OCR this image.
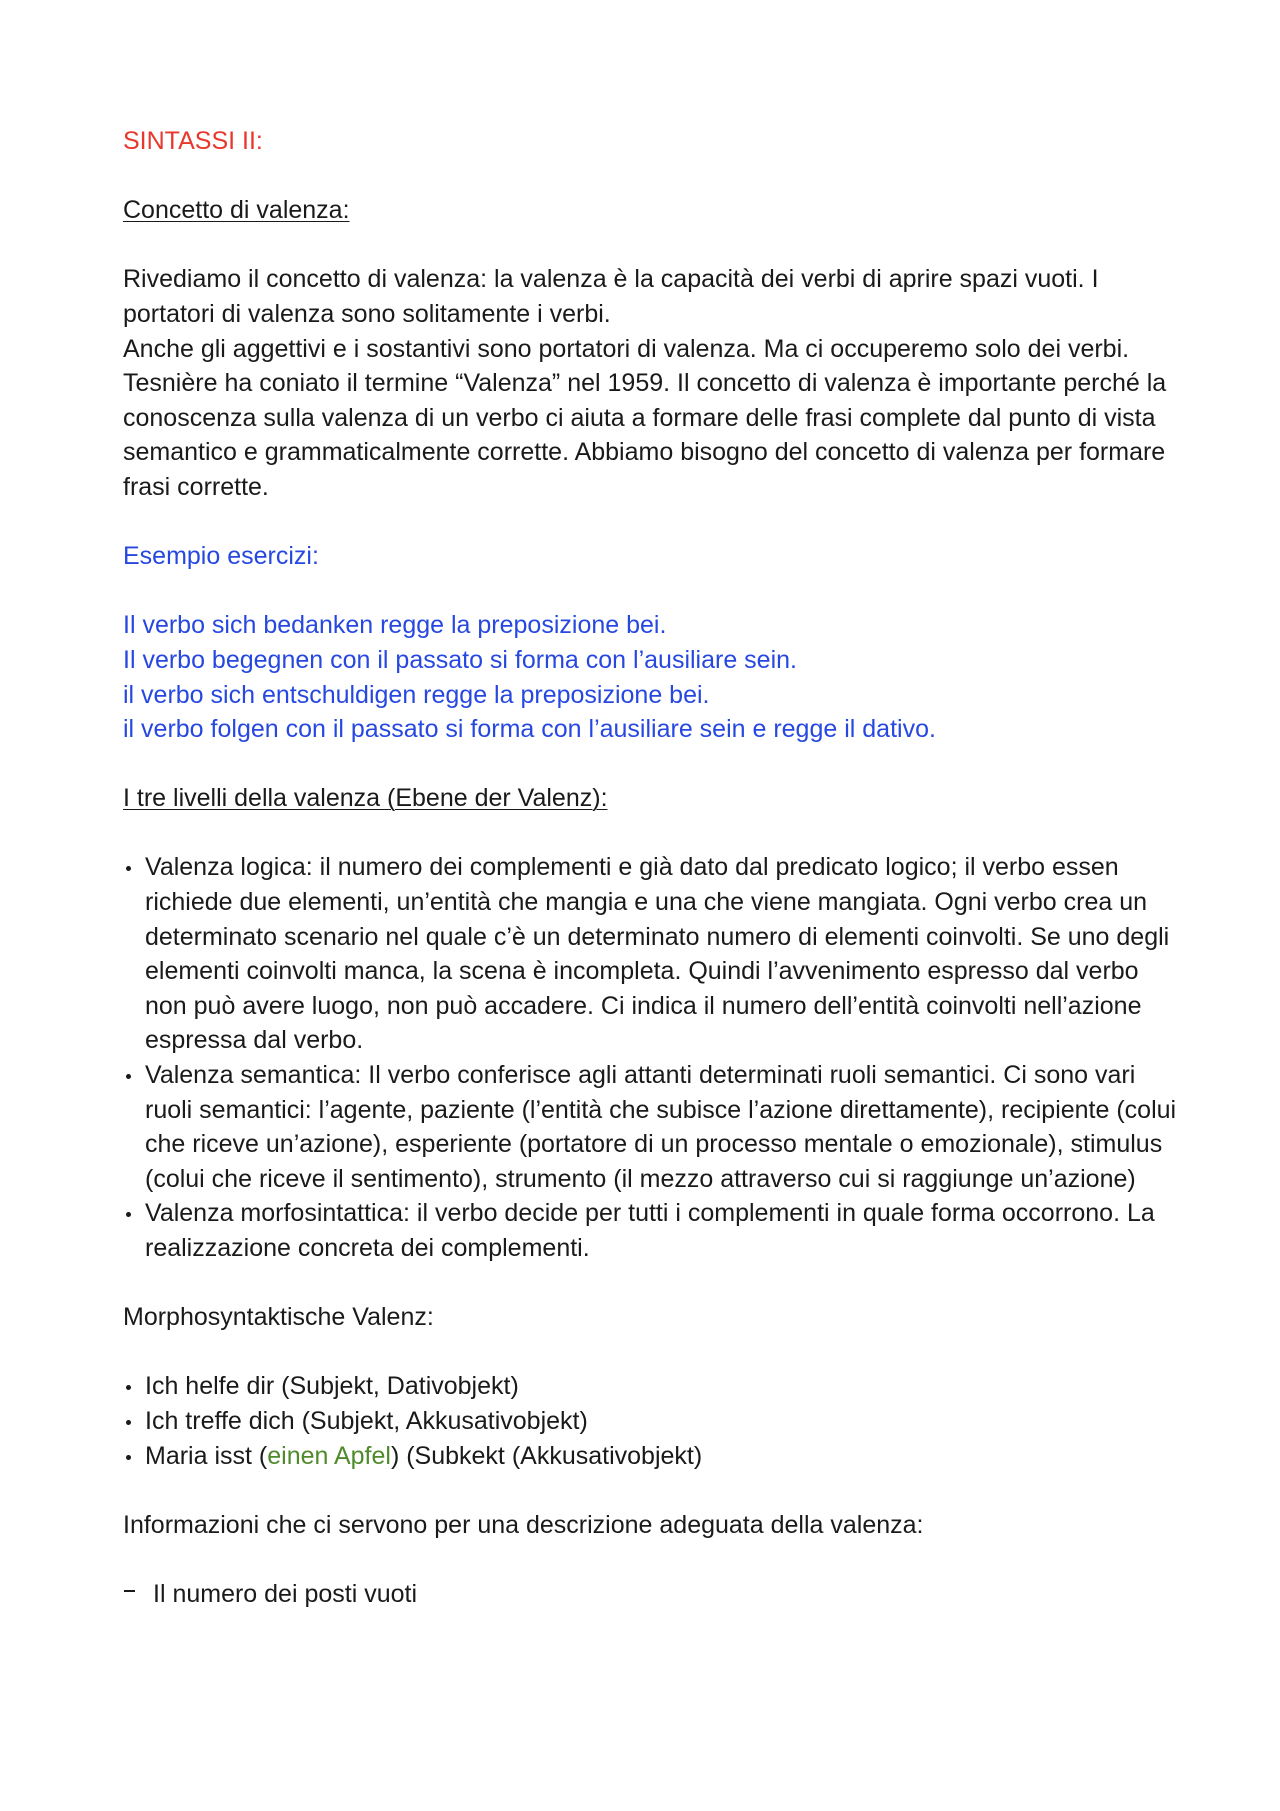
SINTASSI II:

Concetto di valenza:

Rivediamo il concetto di valenza: la valenza è la capacità dei verbi di aprire spazi vuoti. I portatori di valenza sono solitamente i verbi.

Anche gli aggettivi e i sostantivi sono portatori di valenza. Ma ci occuperemo solo dei verbi.

Tesnière ha coniato il termine “Valenza” nel 1959. Il concetto di valenza è importante perché la conoscenza sulla valenza di un verbo ci aiuta a formare delle frasi complete dal punto di vista semantico e grammaticalmente corrette. Abbiamo bisogno del concetto di valenza per formare frasi corrette.

Esempio esercizi:

Il verbo sich bedanken regge la preposizione bei.

Il verbo begegnen con il passato si forma con l’ausiliare sein.

il verbo sich entschuldigen regge la preposizione bei.

il verbo folgen con il passato si forma con l’ausiliare sein e regge il dativo.

I tre livelli della valenza (Ebene der Valenz):

Valenza logica: il numero dei complementi e già dato dal predicato logico; il verbo essen richiede due elementi, un’entità che mangia e una che viene mangiata. Ogni verbo crea un determinato scenario nel quale c’è un determinato numero di elementi coinvolti. Se uno degli elementi coinvolti manca, la scena è incompleta. Quindi l’avvenimento espresso dal verbo non può avere luogo, non può accadere. Ci indica il numero dell’entità coinvolti nell’azione espressa dal verbo.
Valenza semantica: Il verbo conferisce agli attanti determinati ruoli semantici. Ci sono vari ruoli semantici: l’agente, paziente (l’entità che subisce l’azione direttamente), recipiente (colui che riceve un’azione), esperiente (portatore di un processo mentale o emozionale), stimulus (colui che riceve il sentimento), strumento (il mezzo attraverso cui si raggiunge un’azione)
Valenza morfosintattica: il verbo decide per tutti i complementi in quale forma occorrono. La realizzazione concreta dei complementi.

Morphosyntaktische Valenz:

Ich helfe dir (Subjekt, Dativobjekt)
Ich treffe dich (Subjekt, Akkusativobjekt)
Maria isst (einen Apfel) (Subkekt (Akkusativobjekt)

Informazioni che ci servono per una descrizione adeguata della valenza:

Il numero dei posti vuoti
